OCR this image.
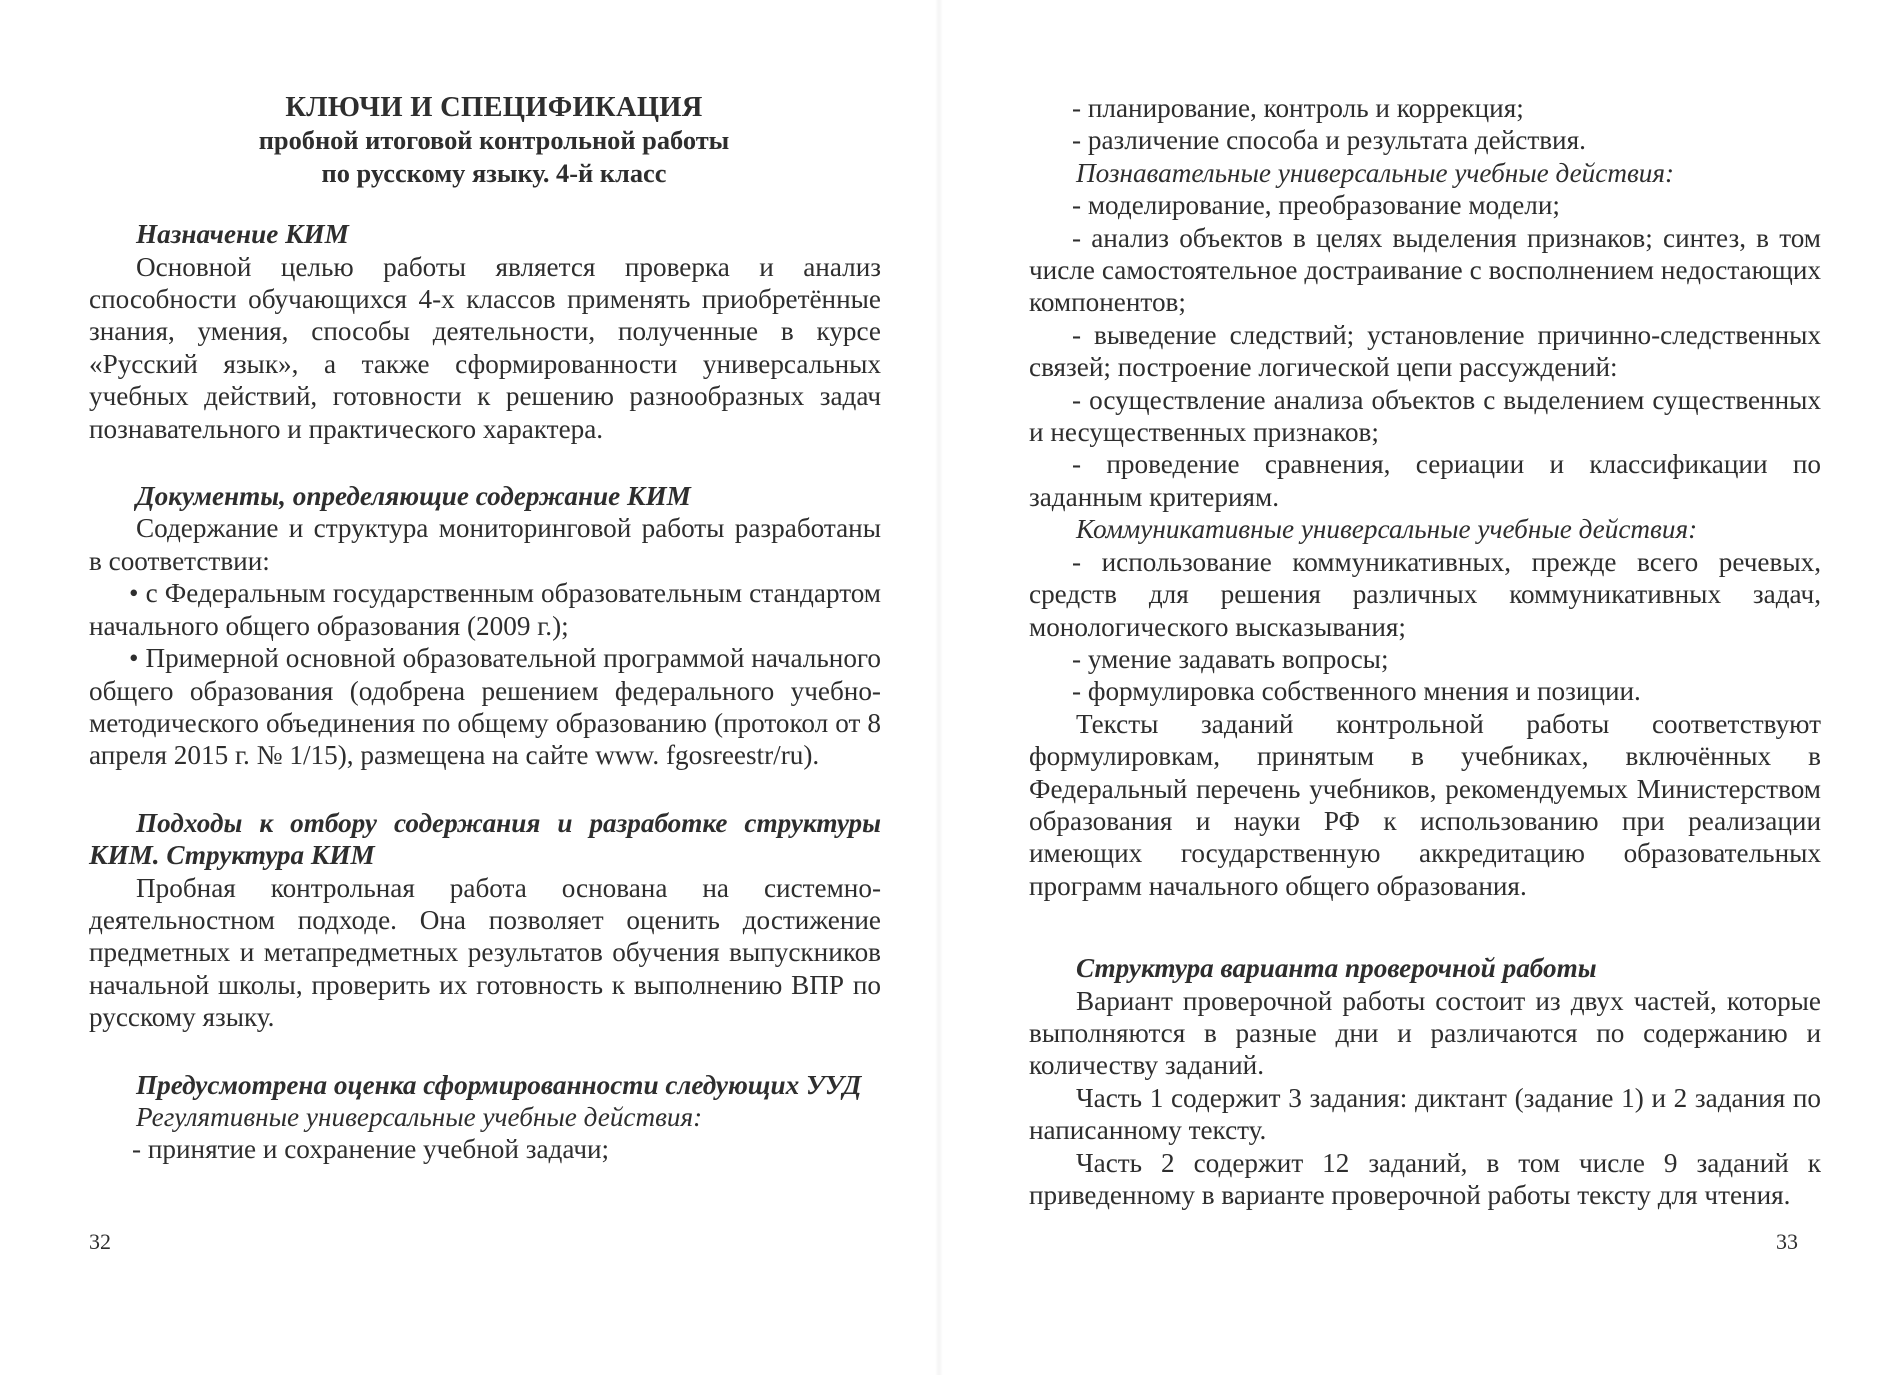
КЛЮЧИ И СПЕЦИФИКАЦИЯ
пробной итоговой контрольной работы
по русскому языку. 4-й класс

Назначение КИМ

Основной целью работы является проверка и анализ способности обучающихся 4-х классов применять приобретённые знания, умения, способы деятельности, полученные в курсе «Русский язык», а также сформированности универсальных учебных действий, готовности к решению разнообразных задач познавательного и практического характера.

Документы, определяющие содержание КИМ

Содержание и структура мониторинговой работы разработаны в соответствии:

• с Федеральным государственным образовательным стандартом начального общего образования (2009 г.);

• Примерной основной образовательной программой начального общего образования (одобрена решением федерального учебно-методического объединения по общему образованию (протокол от 8 апреля 2015 г. № 1/15), размещена на сайте www. fgosreestr/ru).

Подходы к отбору содержания и разработке структуры КИМ. Структура КИМ

Пробная контрольная работа основана на системно-деятельностном подходе. Она позволяет оценить достижение предметных и метапредметных результатов обучения выпускников начальной школы, проверить их готовность к выполнению ВПР по русскому языку.

Предусмотрена оценка сформированности следующих УУД

Регулятивные универсальные учебные действия:

- принятие и сохранение учебной задачи;

32

- планирование, контроль и коррекция;

- различение способа и результата действия.

Познавательные универсальные учебные действия:

- моделирование, преобразование модели;

- анализ объектов в целях выделения признаков; синтез, в том числе самостоятельное достраивание с восполнением недостающих компонентов;

- выведение следствий; установление причинно-следственных связей; построение логической цепи рассуждений:

- осуществление анализа объектов с выделением существенных и несущественных признаков;

- проведение сравнения, сериации и классификации по заданным критериям.

Коммуникативные универсальные учебные действия:

- использование коммуникативных, прежде всего речевых, средств для решения различных коммуникативных задач, монологического высказывания;

- умение задавать вопросы;

- формулировка собственного мнения и позиции.

Тексты заданий контрольной работы соответствуют формулировкам, принятым в учебниках, включённых в Федеральный перечень учебников, рекомендуемых Министерством образования и науки РФ к использованию при реализации имеющих государственную аккредитацию образовательных программ начального общего образования.

Структура варианта проверочной работы

Вариант проверочной работы состоит из двух частей, которые выполняются в разные дни и различаются по содержанию и количеству заданий.

Часть 1 содержит 3 задания: диктант (задание 1) и 2 задания по написанному тексту.

Часть 2 содержит 12 заданий, в том числе 9 заданий к приведенному в варианте проверочной работы тексту для чтения.

33
